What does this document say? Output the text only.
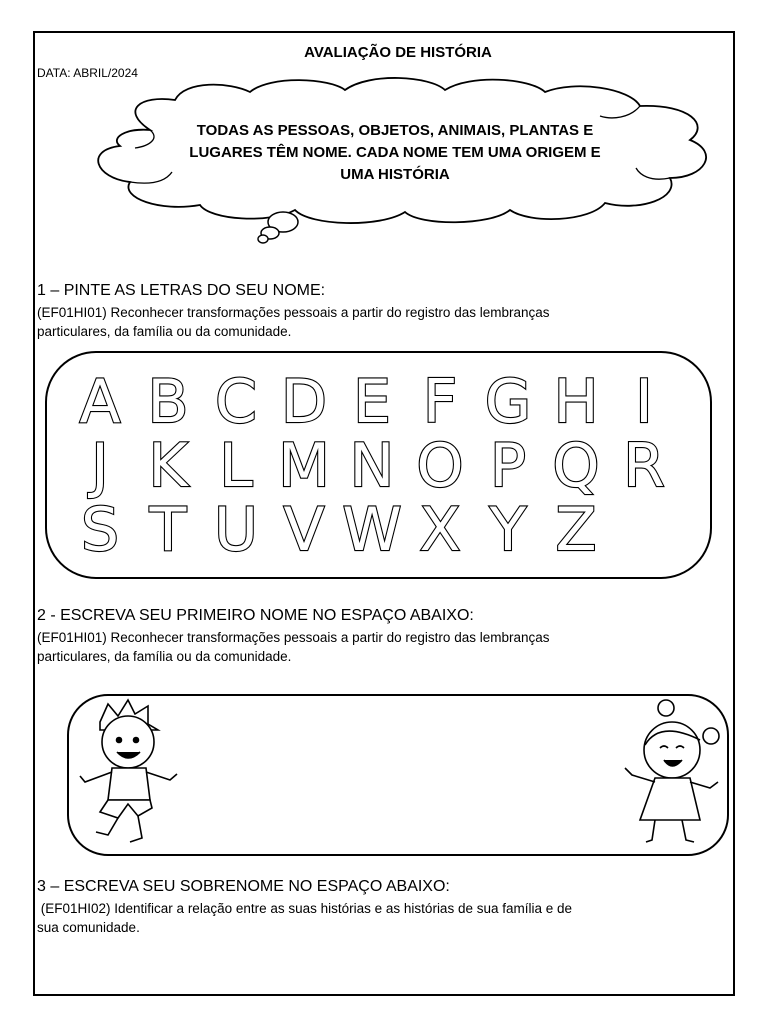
AVALIAÇÃO DE HISTÓRIA
DATA: ABRIL/2024
TODAS AS PESSOAS, OBJETOS, ANIMAIS, PLANTAS E
LUGARES TÊM NOME. CADA NOME TEM UMA ORIGEM E
UMA HISTÓRIA
1 – PINTE AS LETRAS DO SEU NOME:
(EF01HI01) Reconhecer transformações pessoais a partir do registro das lembranças
particulares, da família ou da comunidade.
A B C D E F G H I
J K L M N O P Q R
S T U V W X Y Z
2 - ESCREVA SEU PRIMEIRO NOME NO ESPAÇO ABAIXO:
(EF01HI01) Reconhecer transformações pessoais a partir do registro das lembranças
particulares, da família ou da comunidade.
3 – ESCREVA SEU SOBRENOME NO ESPAÇO ABAIXO:
(EF01HI02) Identificar a relação entre as suas histórias e as histórias de sua família e de
sua comunidade.
